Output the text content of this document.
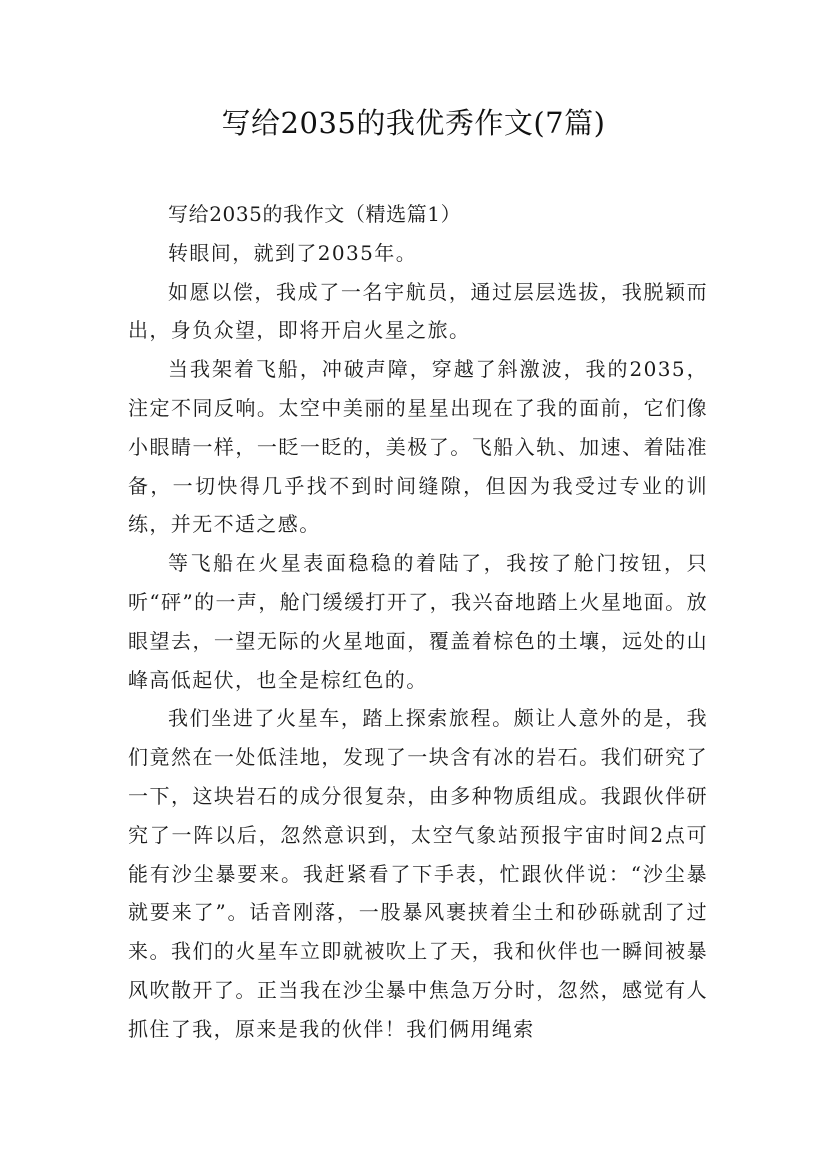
写给2035的我优秀作文(7篇)

写给2035的我作文（精选篇1）

转眼间，就到了2035年。

如愿以偿，我成了一名宇航员，通过层层选拔，我脱颖而出，身负众望，即将开启火星之旅。

当我架着飞船，冲破声障，穿越了斜激波，我的2035，注定不同反响。太空中美丽的星星出现在了我的面前，它们像小眼睛一样，一眨一眨的，美极了。飞船入轨、加速、着陆准备，一切快得几乎找不到时间缝隙，但因为我受过专业的训练，并无不适之感。

等飞船在火星表面稳稳的着陆了，我按了舱门按钮，只听“砰”的一声，舱门缓缓打开了，我兴奋地踏上火星地面。放眼望去，一望无际的火星地面，覆盖着棕色的土壤，远处的山峰高低起伏，也全是棕红色的。

我们坐进了火星车，踏上探索旅程。颇让人意外的是，我们竟然在一处低洼地，发现了一块含有冰的岩石。我们研究了一下，这块岩石的成分很复杂，由多种物质组成。我跟伙伴研究了一阵以后，忽然意识到，太空气象站预报宇宙时间2点可能有沙尘暴要来。我赶紧看了下手表，忙跟伙伴说：“沙尘暴就要来了”。话音刚落，一股暴风裹挟着尘土和砂砾就刮了过来。我们的火星车立即就被吹上了天，我和伙伴也一瞬间被暴风吹散开了。正当我在沙尘暴中焦急万分时，忽然，感觉有人抓住了我，原来是我的伙伴！我们俩用绳索
